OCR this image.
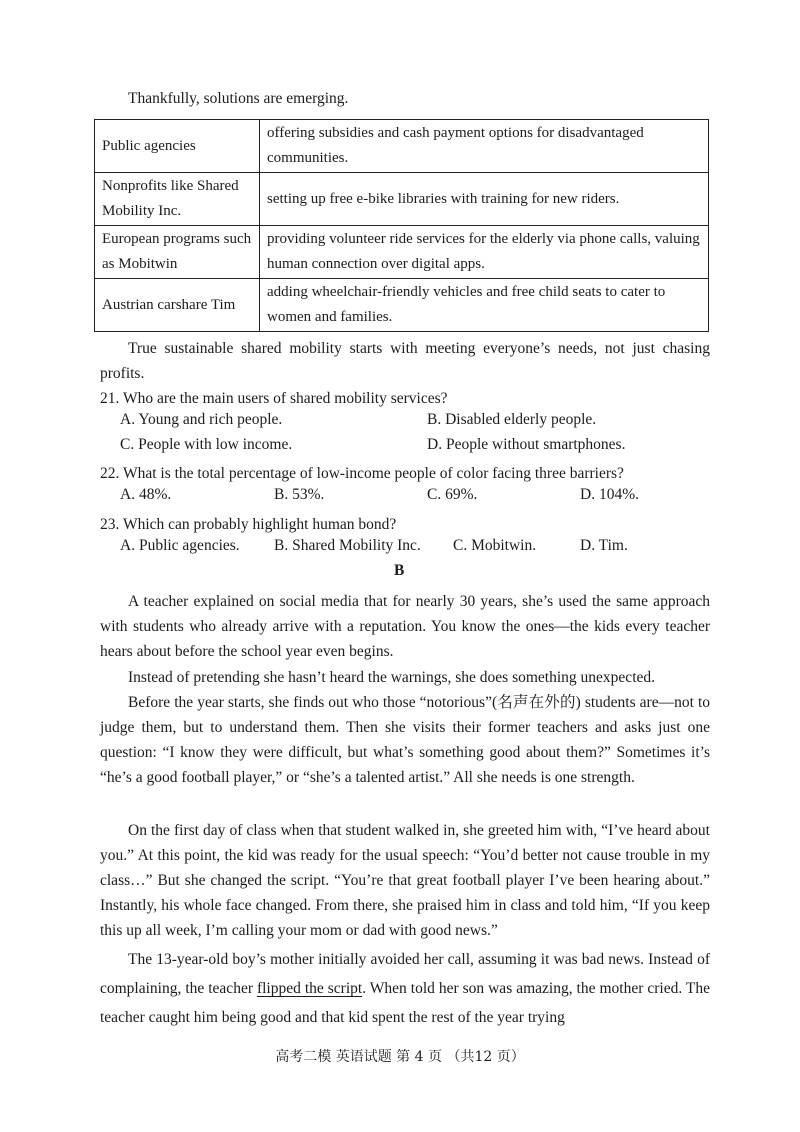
Thankfully, solutions are emerging.
Public agencies	offering subsidies and cash payment options for disadvantaged communities.
Nonprofits like Shared Mobility Inc.	setting up free e-bike libraries with training for new riders.
European programs such as Mobitwin	providing volunteer ride services for the elderly via phone calls, valuing human connection over digital apps.
Austrian carshare Tim	adding wheelchair-friendly vehicles and free child seats to cater to women and families.
True sustainable shared mobility starts with meeting everyone’s needs, not just chasing profits.
21. Who are the main users of shared mobility services?
A. Young and rich people.	B. Disabled elderly people.
C. People with low income.	D. People without smartphones.
22. What is the total percentage of low-income people of color facing three barriers?
A. 48%.	B. 53%.	C. 69%.	D. 104%.
23. Which can probably highlight human bond?
A. Public agencies. B. Shared Mobility Inc. C. Mobitwin.	D. Tim.
B
A teacher explained on social media that for nearly 30 years, she’s used the same approach with students who already arrive with a reputation. You know the ones—the kids every teacher hears about before the school year even begins.
Instead of pretending she hasn’t heard the warnings, she does something unexpected.
Before the year starts, she finds out who those “notorious”(名声在外的) students are—not to judge them, but to understand them. Then she visits their former teachers and asks just one question: “I know they were difficult, but what’s something good about them?” Sometimes it’s “he’s a good football player,” or “she’s a talented artist.” All she needs is one strength.
On the first day of class when that student walked in, she greeted him with, “I’ve heard about you.” At this point, the kid was ready for the usual speech: “You’d better not cause trouble in my class…” But she changed the script. “You’re that great football player I’ve been hearing about.” Instantly, his whole face changed. From there, she praised him in class and told him, “If you keep this up all week, I’m calling your mom or dad with good news.”
The 13-year-old boy’s mother initially avoided her call, assuming it was bad news. Instead of complaining, the teacher flipped the script. When told her son was amazing, the mother cried. The teacher caught him being good and that kid spent the rest of the year trying
高考二模 英语试题 第 4 页 （共12 页）
